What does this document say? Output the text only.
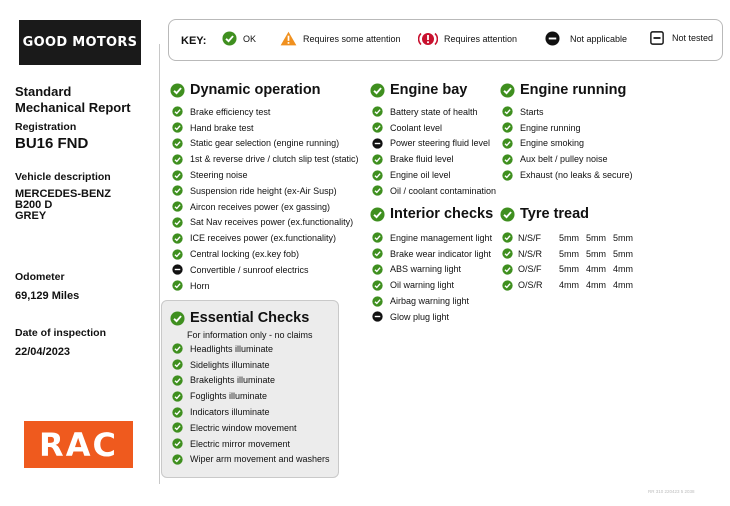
GOOD MOTORS
Standard
Mechanical Report
Registration
BU16 FND
Vehicle description
MERCEDES-BENZ
B200 D
GREY
Odometer
69,129 Miles
Date of inspection
22/04/2023
RAC
KEY:	OK	Requires some attention	Requires attention	Not applicable	Not tested
Dynamic operation
Brake efficiency test
Hand brake test
Static gear selection (engine running)
1st & reverse drive / clutch slip test (static)
Steering noise
Suspension ride height (ex-Air Susp)
Aircon receives power (ex gassing)
Sat Nav receives power (ex.functionality)
ICE receives power (ex.functionality)
Central locking (ex.key fob)
Convertible / sunroof electrics
Horn
Essential Checks
For information only - no claims
Headlights illuminate
Sidelights illuminate
Brakelights illuminate
Foglights illuminate
Indicators illuminate
Electric window movement
Electric mirror movement
Wiper arm movement and washers
Engine bay
Battery state of health
Coolant level
Power steering fluid level
Brake fluid level
Engine oil level
Oil / coolant contamination
Interior checks
Engine management light
Brake wear indicator light
ABS warning light
Oil warning light
Airbag warning light
Glow plug light
Engine running
Starts
Engine running
Engine smoking
Aux belt / pulley noise
Exhaust (no leaks & secure)
Tyre tread
N/S/F	5mm 5mm 5mm
N/S/R	5mm 5mm 5mm
O/S/F	5mm 4mm 4mm
O/S/R	4mm 4mm 4mm
RR 310 220423 5 2038
